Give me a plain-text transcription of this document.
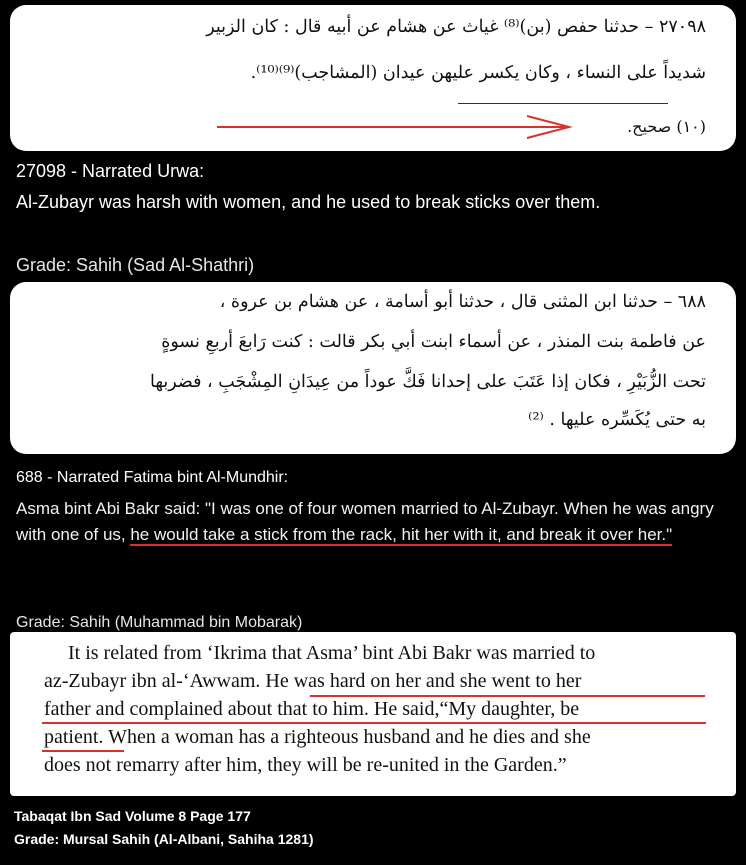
٢٧٠٩٨ – حدثنا حفص (بن)⁽⁸⁾ غياث عن هشام عن أبيه قال : كان الزبير
شديداً على النساء ، وكان يكسر عليهن عيدان (المشاجب)⁽⁹⁾⁽¹⁰⁾.
(١٠) صحيح.
27098 - Narrated Urwa:
Al-Zubayr was harsh with women, and he used to break sticks over them.
Grade: Sahih (Sad Al-Shathri)
٦٨٨ – حدثنا ابن المثنى قال ، حدثنا أبو أسامة ، عن هشام بن عروة ،
عن فاطمة بنت المنذر ، عن أسماء ابنت أبي بكر قالت : كنت رَابعَ أربعِ نسوةٍ
تحت الزُّبَيْرِ ، فكان إذا عَتَبَ على إحدانا فَكَّ عوداً من عِيدَانِ المِشْجَبِ ، فضربها
به حتى يُكَسِّره عليها . ⁽²⁾
688 - Narrated Fatima bint Al-Mundhir:
Asma bint Abi Bakr said: "I was one of four women married to Al-Zubayr. When he was angry with one of us, he would take a stick from the rack, hit her with it, and break it over her."
Grade: Sahih (Muhammad bin Mobarak)
It is related from ‘Ikrima that Asma’ bint Abi Bakr was married to
az-Zubayr ibn al-‘Awwam. He was hard on her and she went to her
father and complained about that to him. He said,“My daughter, be
patient. When a woman has a righteous husband and he dies and she
does not remarry after him, they will be re-united in the Garden.”
Tabaqat Ibn Sad Volume 8 Page 177
Grade: Mursal Sahih (Al-Albani, Sahiha 1281)
